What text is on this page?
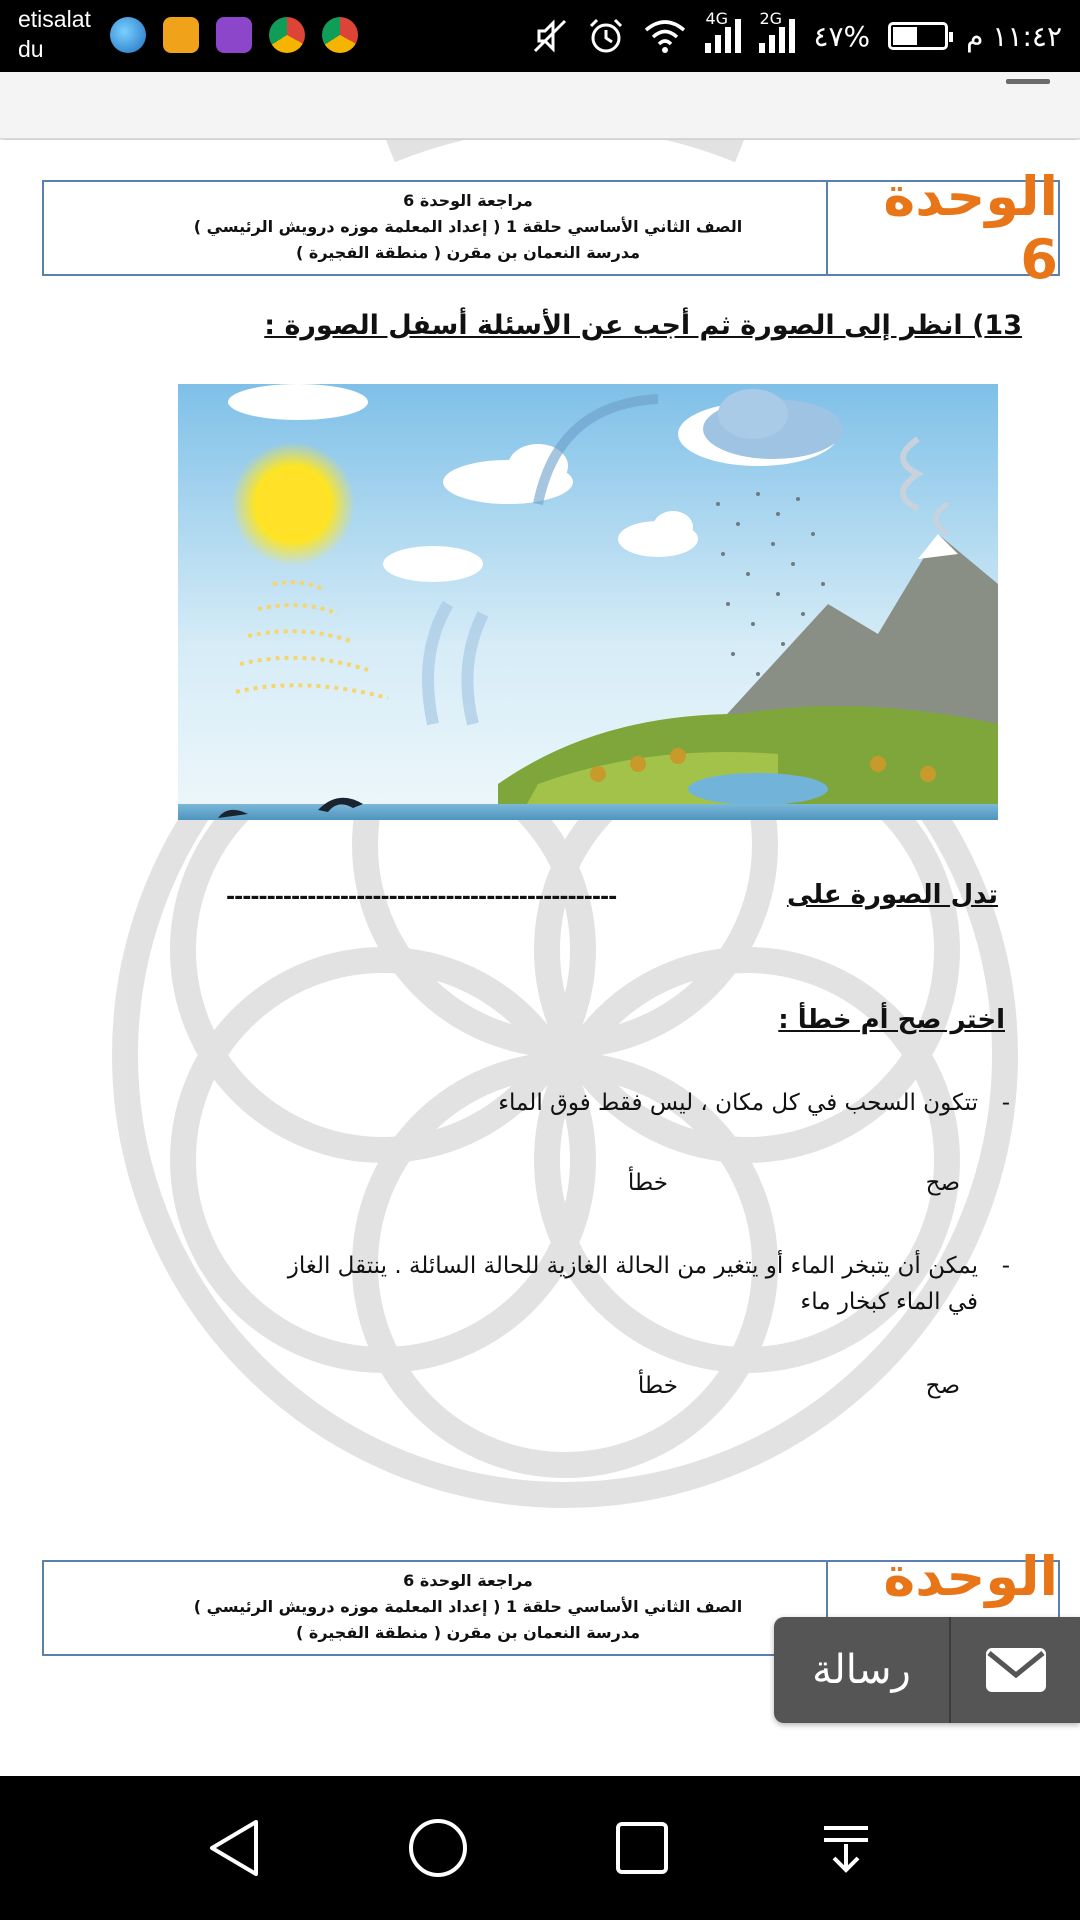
etisalat
du
4G 2G
%٤٧	١١:٤٢ م
الوحدة 6
مراجعة الوحدة 6
الصف الثاني الأساسي حلقة 1 ( إعداد المعلمة موزه درويش الرئيسي )
مدرسة النعمان بن مقرن ( منطقة الفجيرة )
13) انظر إلى الصورة ثم أجب عن الأسئلة أسفل الصورة :
تدل الصورة على
------------------------------------------------
اختر صح أم خطأ :
-تتكون السحب في كل مكان ، ليس فقط فوق الماء
صح
خطأ
-يمكن أن يتبخر الماء أو يتغير من الحالة الغازية للحالة السائلة . ينتقل الغاز
في الماء كبخار ماء
صح
خطأ
الوحدة
مراجعة الوحدة 6
الصف الثاني الأساسي حلقة 1 ( إعداد المعلمة موزه درويش الرئيسي )
مدرسة النعمان بن مقرن ( منطقة الفجيرة )
رسالة
